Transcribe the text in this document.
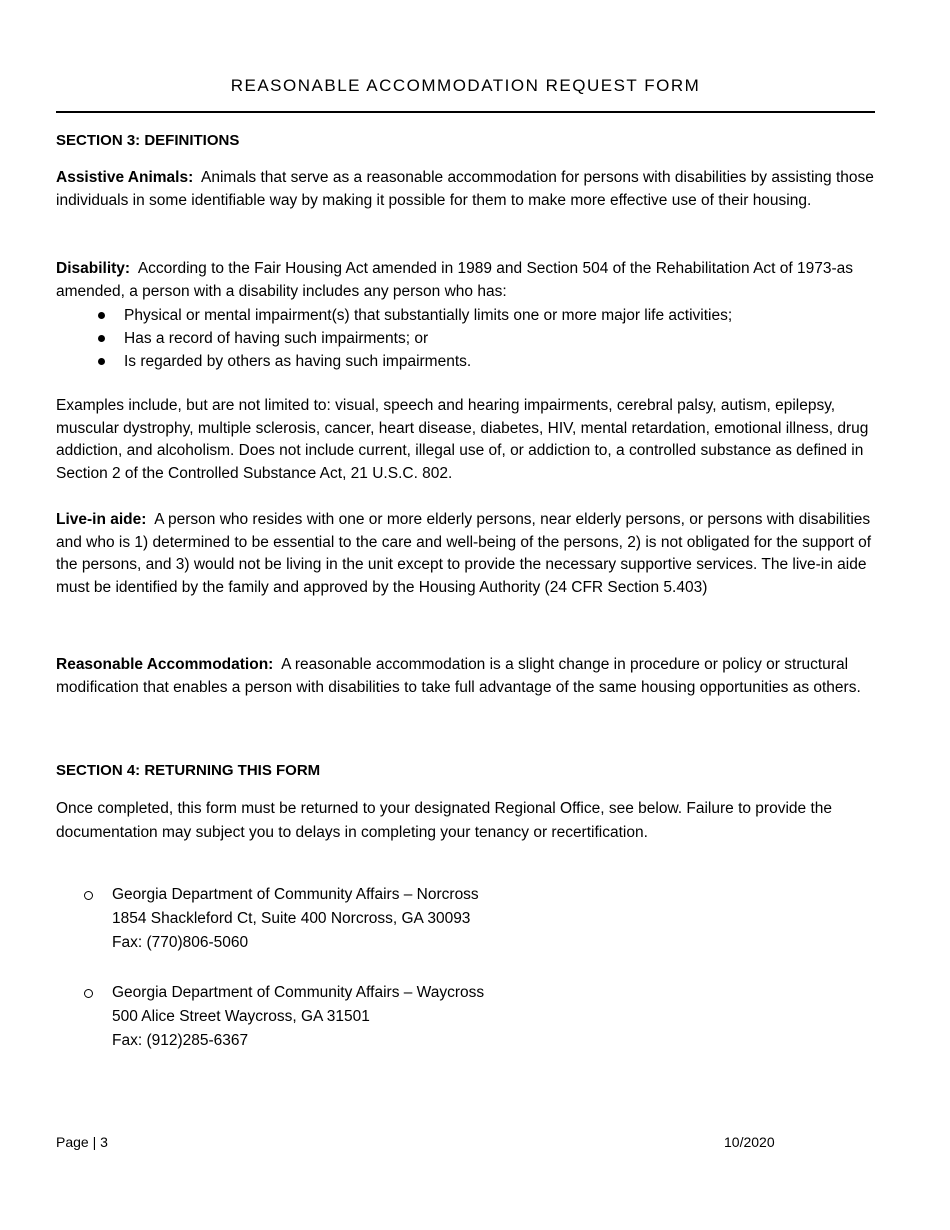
REASONABLE ACCOMMODATION REQUEST FORM
SECTION 3: DEFINITIONS

Assistive Animals: Animals that serve as a reasonable accommodation for persons with disabilities by assisting those individuals in some identifiable way by making it possible for them to make more effective use of their housing.

Disability: According to the Fair Housing Act amended in 1989 and Section 504 of the Rehabilitation Act of 1973-as amended, a person with a disability includes any person who has:

Physical or mental impairment(s) that substantially limits one or more major life activities;
Has a record of having such impairments; or
Is regarded by others as having such impairments.

Examples include, but are not limited to: visual, speech and hearing impairments, cerebral palsy, autism, epilepsy, muscular dystrophy, multiple sclerosis, cancer, heart disease, diabetes, HIV, mental retardation, emotional illness, drug addiction, and alcoholism. Does not include current, illegal use of, or addiction to, a controlled substance as defined in Section 2 of the Controlled Substance Act, 21 U.S.C. 802.

Live-in aide: A person who resides with one or more elderly persons, near elderly persons, or persons with disabilities and who is 1) determined to be essential to the care and well-being of the persons, 2) is not obligated for the support of the persons, and 3) would not be living in the unit except to provide the necessary supportive services. The live-in aide must be identified by the family and approved by the Housing Authority (24 CFR Section 5.403)

Reasonable Accommodation: A reasonable accommodation is a slight change in procedure or policy or structural modification that enables a person with disabilities to take full advantage of the same housing opportunities as others.

SECTION 4: RETURNING THIS FORM

Once completed, this form must be returned to your designated Regional Office, see below. Failure to provide the documentation may subject you to delays in completing your tenancy or recertification.

Georgia Department of Community Affairs – Norcross
1854 Shackleford Ct, Suite 400 Norcross, GA 30093
Fax: (770)806-5060
Georgia Department of Community Affairs – Waycross
500 Alice Street Waycross, GA 31501
Fax: (912)285-6367
Page | 3	10/2020
